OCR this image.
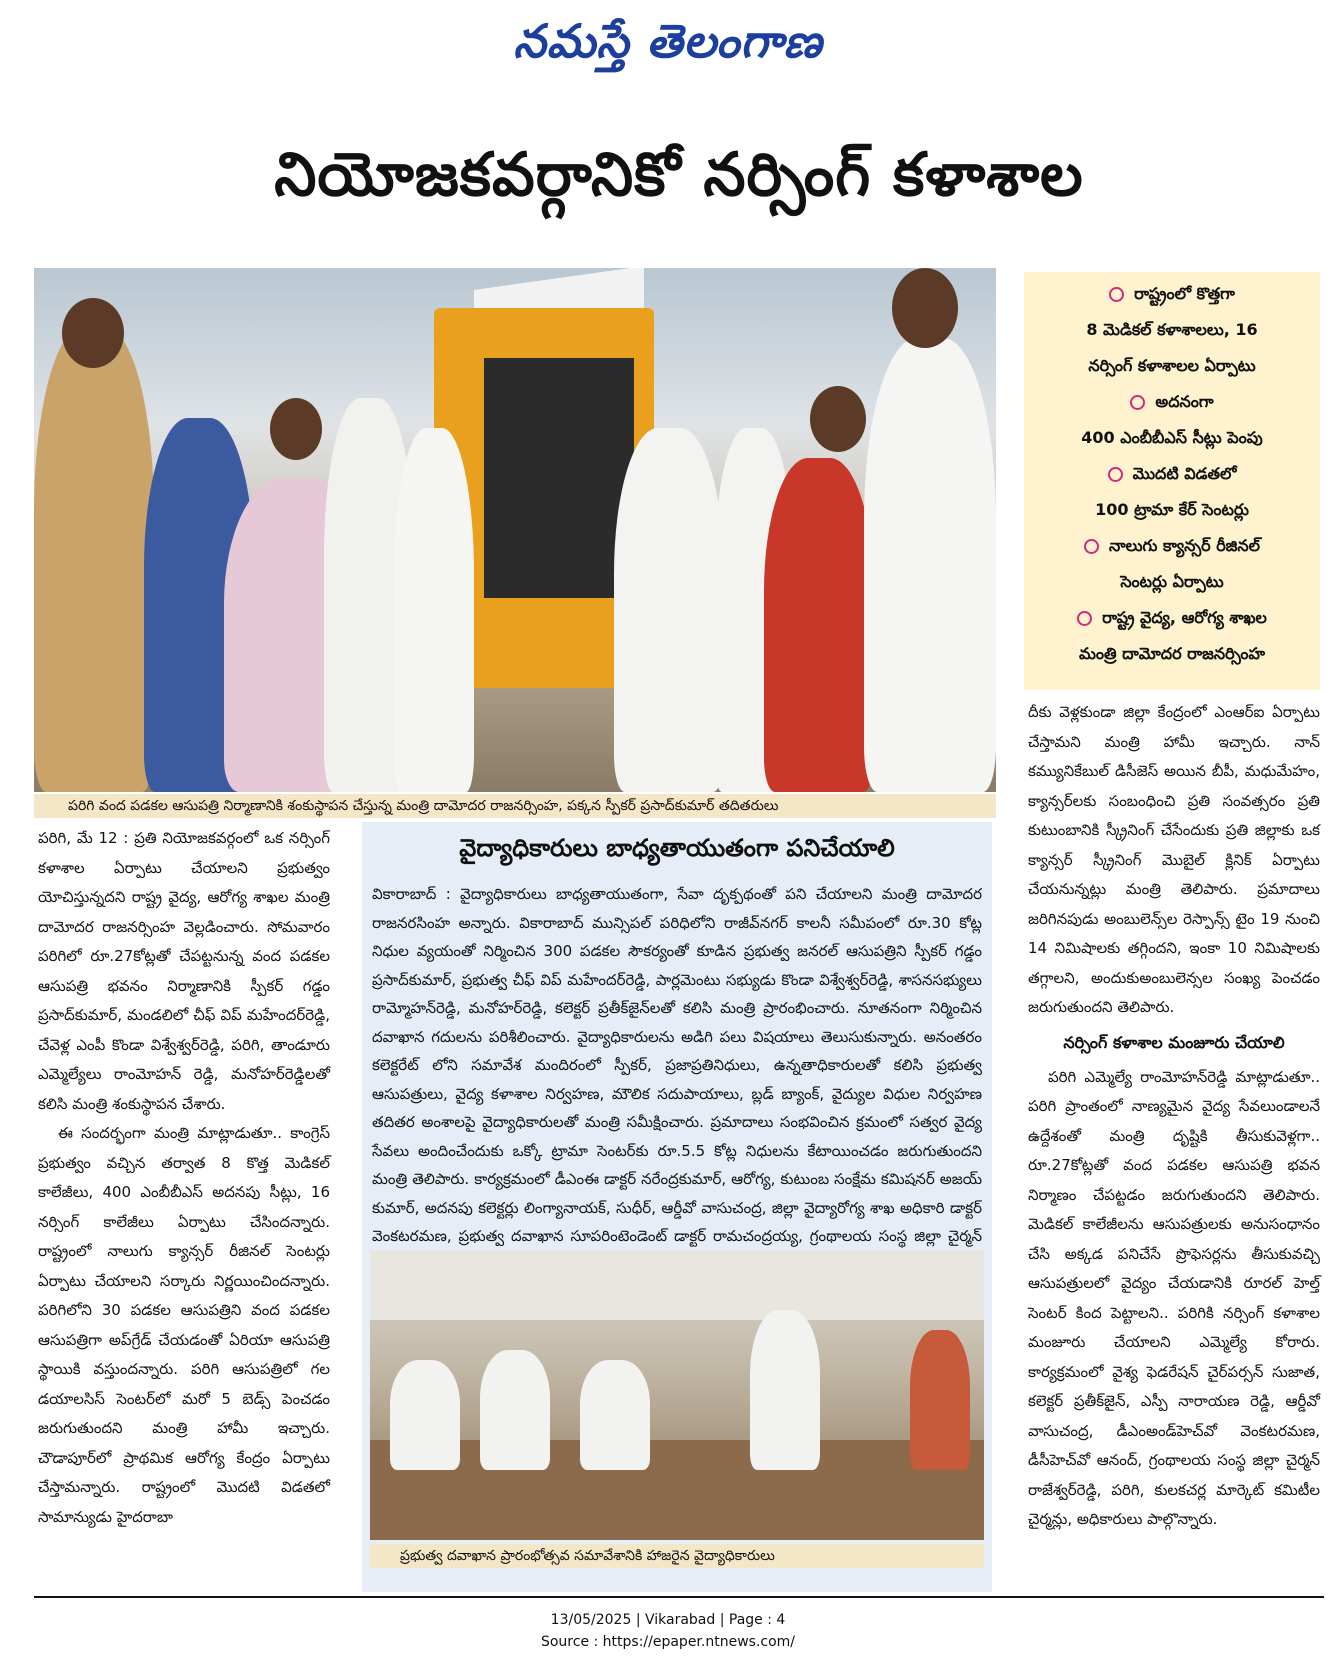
నమస్తే తెలంగాణ
నియోజకవర్గానికో నర్సింగ్ కళాశాల
పరిగి వంద పడకల ఆసుపత్రి నిర్మాణానికి శంకుస్థాపన చేస్తున్న మంత్రి దామోదర రాజనర్సింహ, పక్కన స్పీకర్ ప్రసాద్‌కుమార్ తదితరులు
రాష్ట్రంలో కొత్తగా
8 మెడికల్ కళాశాలలు, 16
నర్సింగ్ కళాశాలల ఏర్పాటు
అదనంగా
400 ఎంబీబీఎస్ సీట్లు పెంపు
మొదటి విడతలో
100 ట్రామా కేర్ సెంటర్లు
నాలుగు క్యాన్సర్ రీజినల్
సెంటర్లు ఏర్పాటు
రాష్ట్ర వైద్య, ఆరోగ్య శాఖల
మంత్రి దామోదర రాజనర్సింహ

పరిగి, మే 12 : ప్రతి నియోజకవర్గంలో ఒక నర్సింగ్ కళాశాల ఏర్పాటు చేయాలని ప్రభుత్వం యోచిస్తున్నదని రాష్ట్ర వైద్య, ఆరోగ్య శాఖల మంత్రి దామోదర రాజనర్సింహ వెల్లడించారు. సోమవారం పరిగిలో రూ.27కోట్లతో చేపట్టనున్న వంద పడకల ఆసుపత్రి భవనం నిర్మాణానికి స్పీకర్ గడ్డం ప్రసాద్‌కుమార్, మండలిలో చీఫ్ విప్ మహేందర్‌రెడ్డి, చేవెళ్ల ఎంపీ కొండా విశ్వేశ్వర్‌రెడ్డి, పరిగి, తాండూరు ఎమ్మెల్యేలు రాంమోహన్ రెడ్డి, మనోహర్‌రెడ్డిలతో కలిసి మంత్రి శంకుస్థాపన చేశారు.

ఈ సందర్భంగా మంత్రి మాట్లాడుతూ.. కాంగ్రెస్ ప్రభుత్వం వచ్చిన తర్వాత 8 కొత్త మెడికల్ కాలేజీలు, 400 ఎంబీబీఎస్ అదనపు సీట్లు, 16 నర్సింగ్ కాలేజీలు ఏర్పాటు చేసిందన్నారు. రాష్ట్రంలో నాలుగు క్యాన్సర్ రీజినల్ సెంటర్లు ఏర్పాటు చేయాలని సర్కారు నిర్ణయించిందన్నారు. పరిగిలోని 30 పడకల ఆసుపత్రిని వంద పడకల ఆసుపత్రిగా అప్‌గ్రేడ్ చేయడంతో ఏరియా ఆసుపత్రి స్థాయికి వస్తుందన్నారు. పరిగి ఆసుపత్రిలో గల డయాలసిస్ సెంటర్‌లో మరో 5 బెడ్స్ పెంచడం జరుగుతుందని మంత్రి హామీ ఇచ్చారు. చౌడాపూర్‌లో ప్రాథమిక ఆరోగ్య కేంద్రం ఏర్పాటు చేస్తామన్నారు. రాష్ట్రంలో మొదటి విడతలో సామాన్యుడు హైదరాబా

వైద్యాధికారులు బాధ్యతాయుతంగా పనిచేయాలి
వికారాబాద్ : వైద్యాధికారులు బాధ్యతాయుతంగా, సేవా దృక్పథంతో పని చేయాలని మంత్రి దామోదర రాజనరసింహ అన్నారు. వికారాబాద్ మున్సిపల్ పరిధిలోని రాజీవ్‌నగర్ కాలనీ సమీపంలో రూ.30 కోట్ల నిధుల వ్యయంతో నిర్మించిన 300 పడకల సౌకర్యంతో కూడిన ప్రభుత్వ జనరల్ ఆసుపత్రిని స్పీకర్ గడ్డం ప్రసాద్‌కుమార్, ప్రభుత్వ చీఫ్ విప్ మహేందర్‌రెడ్డి, పార్లమెంటు సభ్యుడు కొండా విశ్వేశ్వర్‌రెడ్డి, శాసనసభ్యులు రామ్మోహన్‌రెడ్డి, మనోహర్‌రెడ్డి, కలెక్టర్ ప్రతీక్‌జైన్‌లతో కలిసి మంత్రి ప్రారంభించారు. నూతనంగా నిర్మించిన దవాఖాన గదులను పరిశీలించారు. వైద్యాధికారులను అడిగి పలు విషయాలు తెలుసుకున్నారు. అనంతరం కలెక్టరేట్ లోని సమావేశ మందిరంలో స్పీకర్, ప్రజాప్రతినిధులు, ఉన్నతాధికారులతో కలిసి ప్రభుత్వ ఆసుపత్రులు, వైద్య కళాశాల నిర్వహణ, మౌలిక సదుపాయాలు, బ్లడ్ బ్యాంక్, వైద్యుల విధుల నిర్వహణ తదితర అంశాలపై వైద్యాధికారులతో మంత్రి సమీక్షించారు. ప్రమాదాలు సంభవించిన క్రమంలో సత్వర వైద్య సేవలు అందించేందుకు ఒక్కో ట్రామా సెంటర్‌కు రూ.5.5 కోట్ల నిధులను కేటాయించడం జరుగుతుందని మంత్రి తెలిపారు. కార్యక్రమంలో డీఎంఈ డాక్టర్ నరేంద్రకుమార్, ఆరోగ్య, కుటుంబ సంక్షేమ కమిషనర్ అజయ్ కుమార్, అదనపు కలెక్టర్లు లింగ్యానాయక్, సుధీర్, ఆర్డీవో వాసుచంద్ర, జిల్లా వైద్యారోగ్య శాఖ అధికారి డాక్టర్ వెంకటరమణ, ప్రభుత్వ దవాఖాన సూపరింటెండెంట్ డాక్టర్ రామచంద్రయ్య, గ్రంథాలయ సంస్థ జిల్లా చైర్మన్
ప్రభుత్వ దవాఖాన ప్రారంభోత్సవ సమావేశానికి హాజరైన వైద్యాధికారులు

దీకు వెళ్లకుండా జిల్లా కేంద్రంలో ఎంఆర్ఐ ఏర్పాటు చేస్తామని మంత్రి హామీ ఇచ్చారు. నాన్ కమ్యునికేబుల్ డిసీజెస్ అయిన బీపీ, మధుమేహం, క్యాన్సర్‌లకు సంబంధించి ప్రతి సంవత్సరం ప్రతి కుటుంబానికి స్క్రీనింగ్ చేసేందుకు ప్రతి జిల్లాకు ఒక క్యాన్సర్ స్క్రీనింగ్ మొబైల్ క్లినిక్ ఏర్పాటు చేయనున్నట్లు మంత్రి తెలిపారు. ప్రమాదాలు జరిగినపుడు అంబులెన్స్‌ల రెస్పాన్స్ టైం 19 నుంచి 14 నిమిషాలకు తగ్గిందని, ఇంకా 10 నిమిషాలకు తగ్గాలని, అందుకుఅంబులెన్సల సంఖ్య పెంచడం జరుగుతుందని తెలిపారు.

నర్సింగ్ కళాశాల మంజూరు చేయాలి

పరిగి ఎమ్మెల్యే రాంమోహన్‌రెడ్డి మాట్లాడుతూ.. పరిగి ప్రాంతంలో నాణ్యమైన వైద్య సేవలుండాలనే ఉద్దేశంతో మంత్రి దృష్టికి తీసుకువెళ్లగా.. రూ.27కోట్లతో వంద పడకల ఆసుపత్రి భవన నిర్మాణం చేపట్టడం జరుగుతుందని తెలిపారు. మెడికల్ కాలేజీలను ఆసుపత్రులకు అనుసంధానం చేసి అక్కడ పనిచేసే ప్రొఫెసర్లను తీసుకువచ్చి ఆసుపత్రులలో వైద్యం చేయడానికి రూరల్ హెల్త్ సెంటర్ కింద పెట్టాలని.. పరిగికి నర్సింగ్ కళాశాల మంజూరు చేయాలని ఎమ్మెల్యే కోరారు. కార్యక్రమంలో వైశ్య ఫెడరేషన్ చైర్‌పర్సన్ సుజాత, కలెక్టర్ ప్రతీక్‌జైన్, ఎస్పీ నారాయణ రెడ్డి, ఆర్డీవో వాసుచంద్ర, డీఎంఅండ్‌హెచ్‌వో వెంకటరమణ, డీసీహెచ్‌వో ఆనంద్, గ్రంథాలయ సంస్థ జిల్లా చైర్మన్ రాజేశ్వర్‌రెడ్డి, పరిగి, కులకచర్ల మార్కెట్ కమిటీల చైర్మన్లు, అధికారులు పాల్గొన్నారు.

13/05/2025 | Vikarabad | Page : 4
Source : https://epaper.ntnews.com/
